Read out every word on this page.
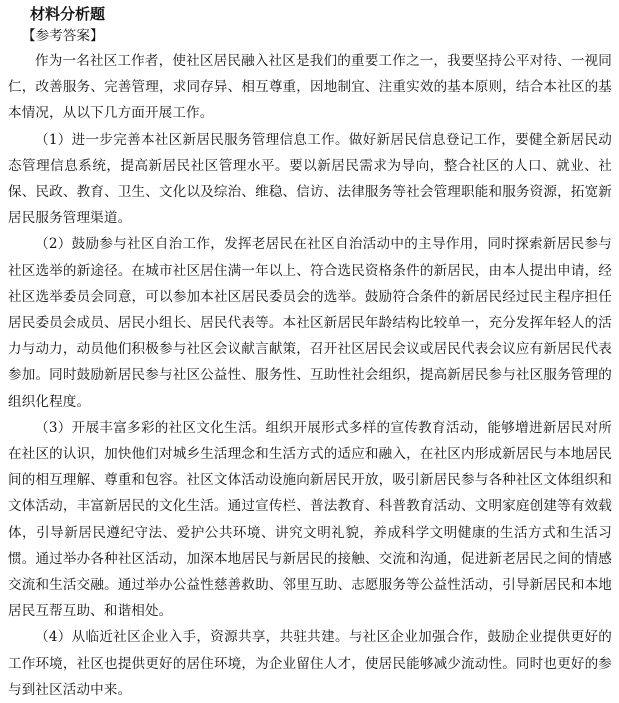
材料分析题
【参考答案】

作为一名社区工作者，使社区居民融入社区是我们的重要工作之一，我要坚持公平对待、一视同仁，改善服务、完善管理，求同存异、相互尊重，因地制宜、注重实效的基本原则，结合本社区的基本情况，从以下几方面开展工作。

（1）进一步完善本社区新居民服务管理信息工作。做好新居民信息登记工作，要健全新居民动态管理信息系统，提高新居民社区管理水平。要以新居民需求为导向，整合社区的人口、就业、社保、民政、教育、卫生、文化以及综治、维稳、信访、法律服务等社会管理职能和服务资源，拓宽新居民服务管理渠道。

（2）鼓励参与社区自治工作，发挥老居民在社区自治活动中的主导作用，同时探索新居民参与社区选举的新途径。在城市社区居住满一年以上、符合选民资格条件的新居民，由本人提出申请，经社区选举委员会同意，可以参加本社区居民委员会的选举。鼓励符合条件的新居民经过民主程序担任居民委员会成员、居民小组长、居民代表等。本社区新居民年龄结构比较单一，充分发挥年轻人的活力与动力，动员他们积极参与社区会议献言献策，召开社区居民会议或居民代表会议应有新居民代表参加。同时鼓励新居民参与社区公益性、服务性、互助性社会组织，提高新居民参与社区服务管理的组织化程度。

（3）开展丰富多彩的社区文化生活。组织开展形式多样的宣传教育活动，能够增进新居民对所在社区的认识，加快他们对城乡生活理念和生活方式的适应和融入，在社区内形成新居民与本地居民间的相互理解、尊重和包容。社区文体活动设施向新居民开放，吸引新居民参与各种社区文体组织和文体活动，丰富新居民的文化生活。通过宣传栏、普法教育、科普教育活动、文明家庭创建等有效载体，引导新居民遵纪守法、爱护公共环境、讲究文明礼貌，养成科学文明健康的生活方式和生活习惯。通过举办各种社区活动，加深本地居民与新居民的接触、交流和沟通，促进新老居民之间的情感交流和生活交融。通过举办公益性慈善救助、邻里互助、志愿服务等公益性活动，引导新居民和本地居民互帮互助、和谐相处。

（4）从临近社区企业入手，资源共享，共驻共建。与社区企业加强合作，鼓励企业提供更好的工作环境，社区也提供更好的居住环境，为企业留住人才，使居民能够减少流动性。同时也更好的参与到社区活动中来。
